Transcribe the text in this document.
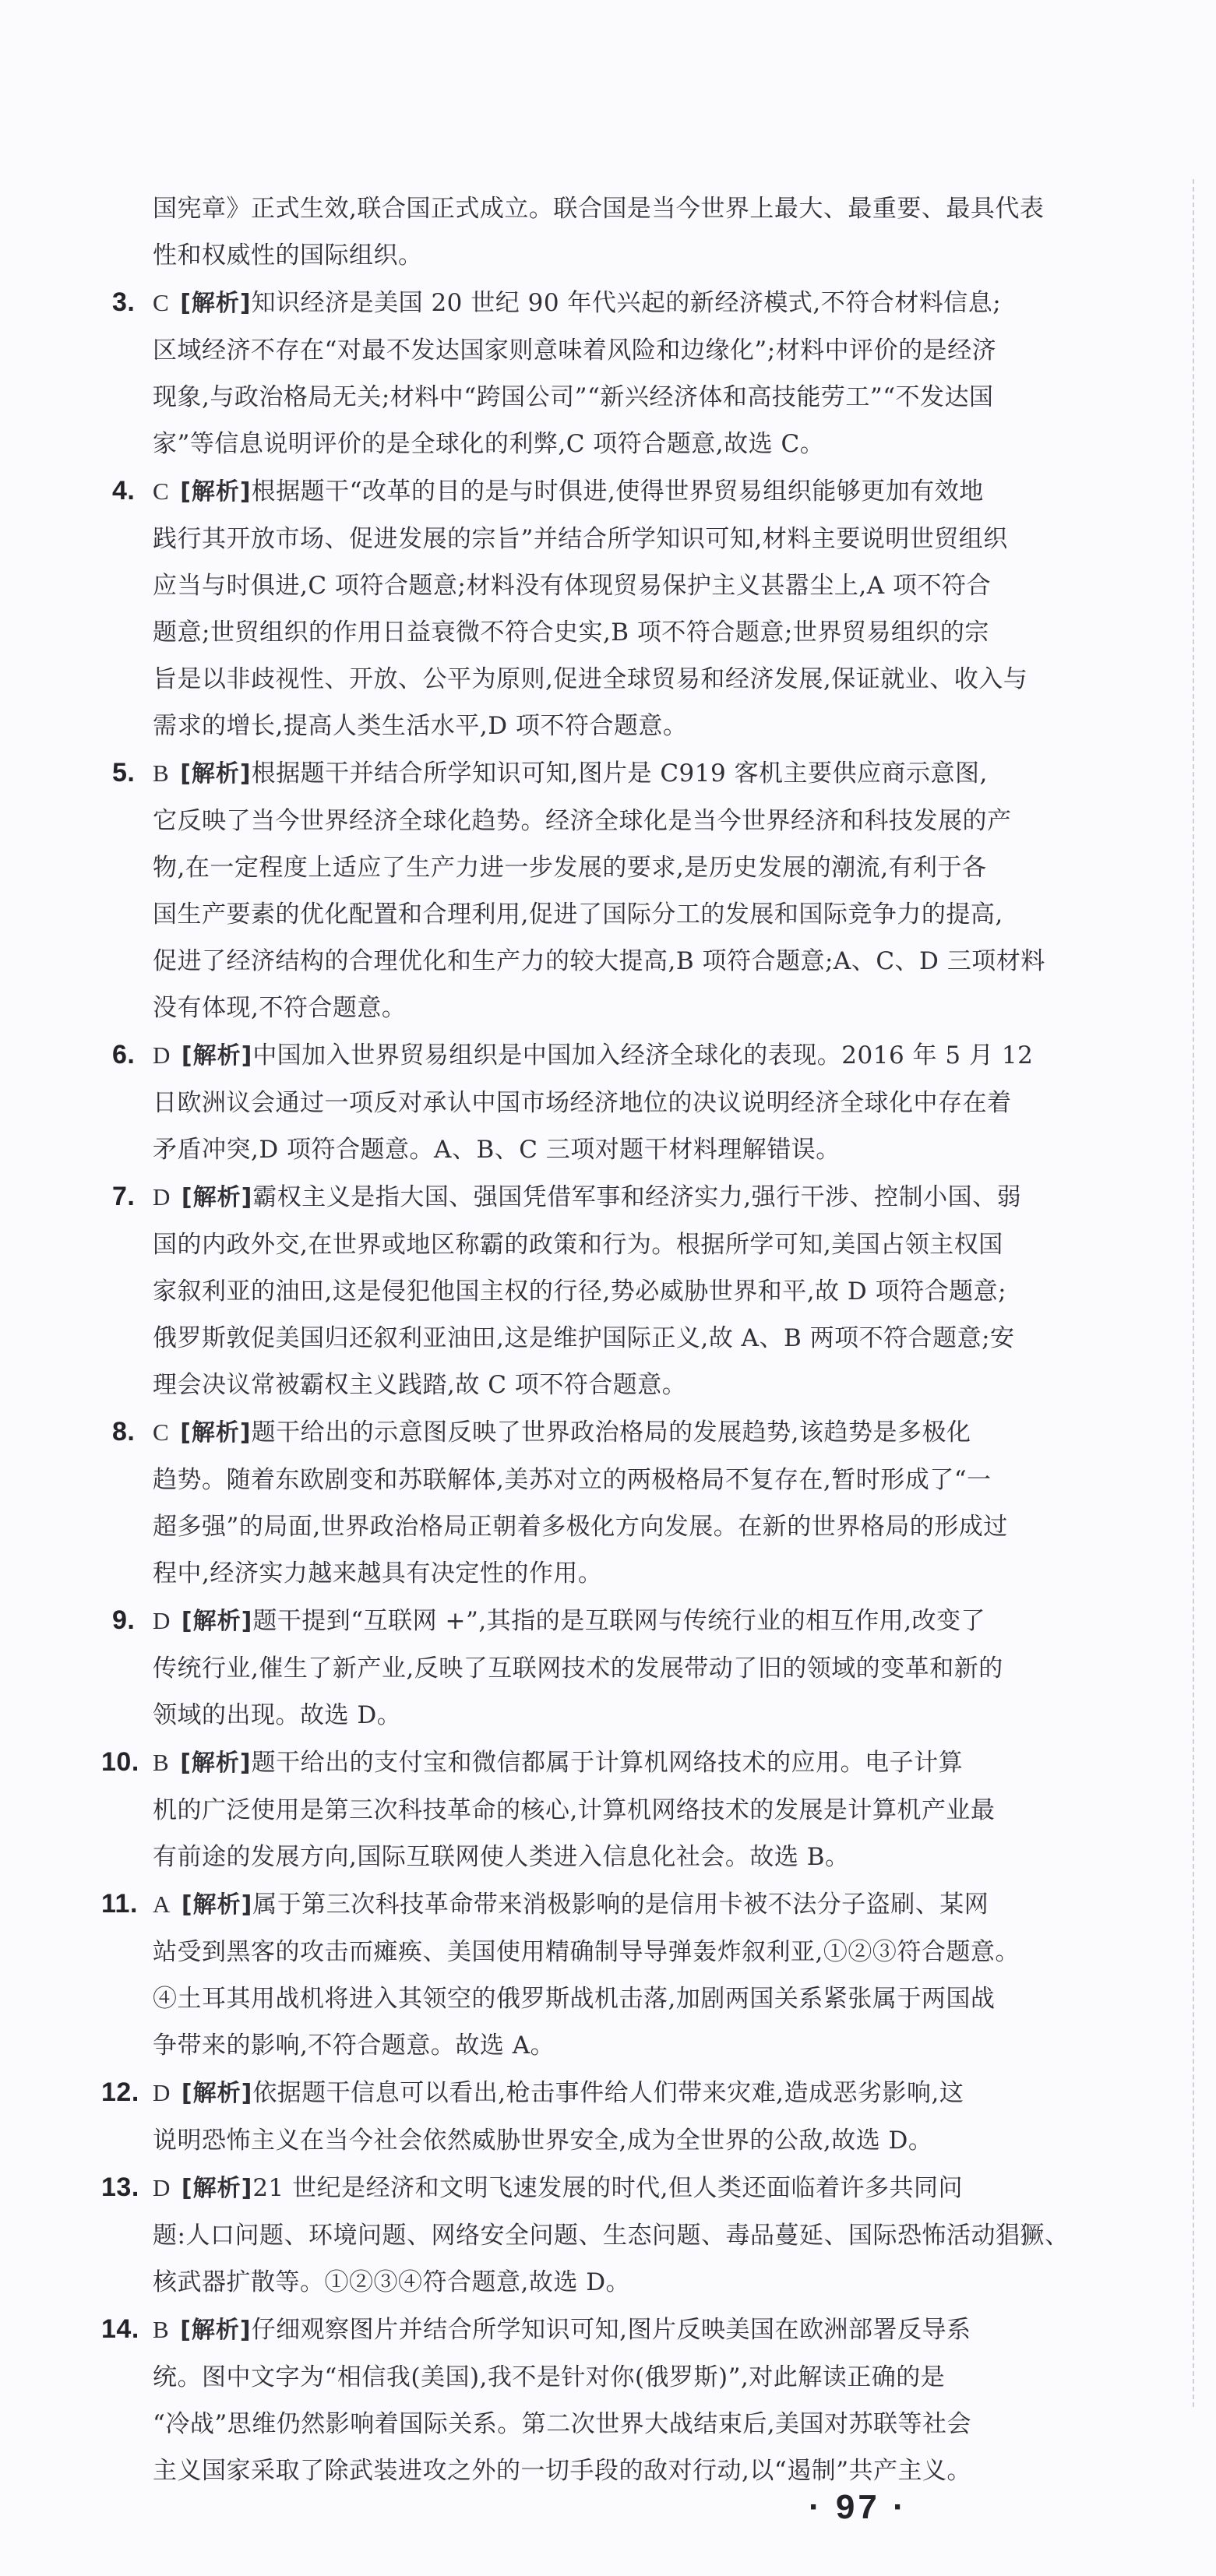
国宪章》正式生效,联合国正式成立。联合国是当今世界上最大、最重要、最具代表
性和权威性的国际组织。
3. C [解析]知识经济是美国 20 世纪 90 年代兴起的新经济模式,不符合材料信息;
区域经济不存在“对最不发达国家则意味着风险和边缘化”;材料中评价的是经济
现象,与政治格局无关;材料中“跨国公司”“新兴经济体和高技能劳工”“不发达国
家”等信息说明评价的是全球化的利弊,C 项符合题意,故选 C。
4. C [解析]根据题干“改革的目的是与时俱进,使得世界贸易组织能够更加有效地
践行其开放市场、促进发展的宗旨”并结合所学知识可知,材料主要说明世贸组织
应当与时俱进,C 项符合题意;材料没有体现贸易保护主义甚嚣尘上,A 项不符合
题意;世贸组织的作用日益衰微不符合史实,B 项不符合题意;世界贸易组织的宗
旨是以非歧视性、开放、公平为原则,促进全球贸易和经济发展,保证就业、收入与
需求的增长,提高人类生活水平,D 项不符合题意。
5. B [解析]根据题干并结合所学知识可知,图片是 C919 客机主要供应商示意图,
它反映了当今世界经济全球化趋势。经济全球化是当今世界经济和科技发展的产
物,在一定程度上适应了生产力进一步发展的要求,是历史发展的潮流,有利于各
国生产要素的优化配置和合理利用,促进了国际分工的发展和国际竞争力的提高,
促进了经济结构的合理优化和生产力的较大提高,B 项符合题意;A、C、D 三项材料
没有体现,不符合题意。
6. D [解析]中国加入世界贸易组织是中国加入经济全球化的表现。2016 年 5 月 12
日欧洲议会通过一项反对承认中国市场经济地位的决议说明经济全球化中存在着
矛盾冲突,D 项符合题意。A、B、C 三项对题干材料理解错误。
7. D [解析]霸权主义是指大国、强国凭借军事和经济实力,强行干涉、控制小国、弱
国的内政外交,在世界或地区称霸的政策和行为。根据所学可知,美国占领主权国
家叙利亚的油田,这是侵犯他国主权的行径,势必威胁世界和平,故 D 项符合题意;
俄罗斯敦促美国归还叙利亚油田,这是维护国际正义,故 A、B 两项不符合题意;安
理会决议常被霸权主义践踏,故 C 项不符合题意。
8. C [解析]题干给出的示意图反映了世界政治格局的发展趋势,该趋势是多极化
趋势。随着东欧剧变和苏联解体,美苏对立的两极格局不复存在,暂时形成了“一
超多强”的局面,世界政治格局正朝着多极化方向发展。在新的世界格局的形成过
程中,经济实力越来越具有决定性的作用。
9. D [解析]题干提到“互联网 +”,其指的是互联网与传统行业的相互作用,改变了
传统行业,催生了新产业,反映了互联网技术的发展带动了旧的领域的变革和新的
领域的出现。故选 D。
10. B [解析]题干给出的支付宝和微信都属于计算机网络技术的应用。电子计算
机的广泛使用是第三次科技革命的核心,计算机网络技术的发展是计算机产业最
有前途的发展方向,国际互联网使人类进入信息化社会。故选 B。
11. A [解析]属于第三次科技革命带来消极影响的是信用卡被不法分子盗刷、某网
站受到黑客的攻击而瘫痪、美国使用精确制导导弹轰炸叙利亚,①②③符合题意。
④土耳其用战机将进入其领空的俄罗斯战机击落,加剧两国关系紧张属于两国战
争带来的影响,不符合题意。故选 A。
12. D [解析]依据题干信息可以看出,枪击事件给人们带来灾难,造成恶劣影响,这
说明恐怖主义在当今社会依然威胁世界安全,成为全世界的公敌,故选 D。
13. D [解析]21 世纪是经济和文明飞速发展的时代,但人类还面临着许多共同问
题:人口问题、环境问题、网络安全问题、生态问题、毒品蔓延、国际恐怖活动猖獗、
核武器扩散等。①②③④符合题意,故选 D。
14. B [解析]仔细观察图片并结合所学知识可知,图片反映美国在欧洲部署反导系
统。图中文字为“相信我(美国),我不是针对你(俄罗斯)”,对此解读正确的是
“冷战”思维仍然影响着国际关系。第二次世界大战结束后,美国对苏联等社会
主义国家采取了除武装进攻之外的一切手段的敌对行动,以“遏制”共产主义。
· 97 ·
